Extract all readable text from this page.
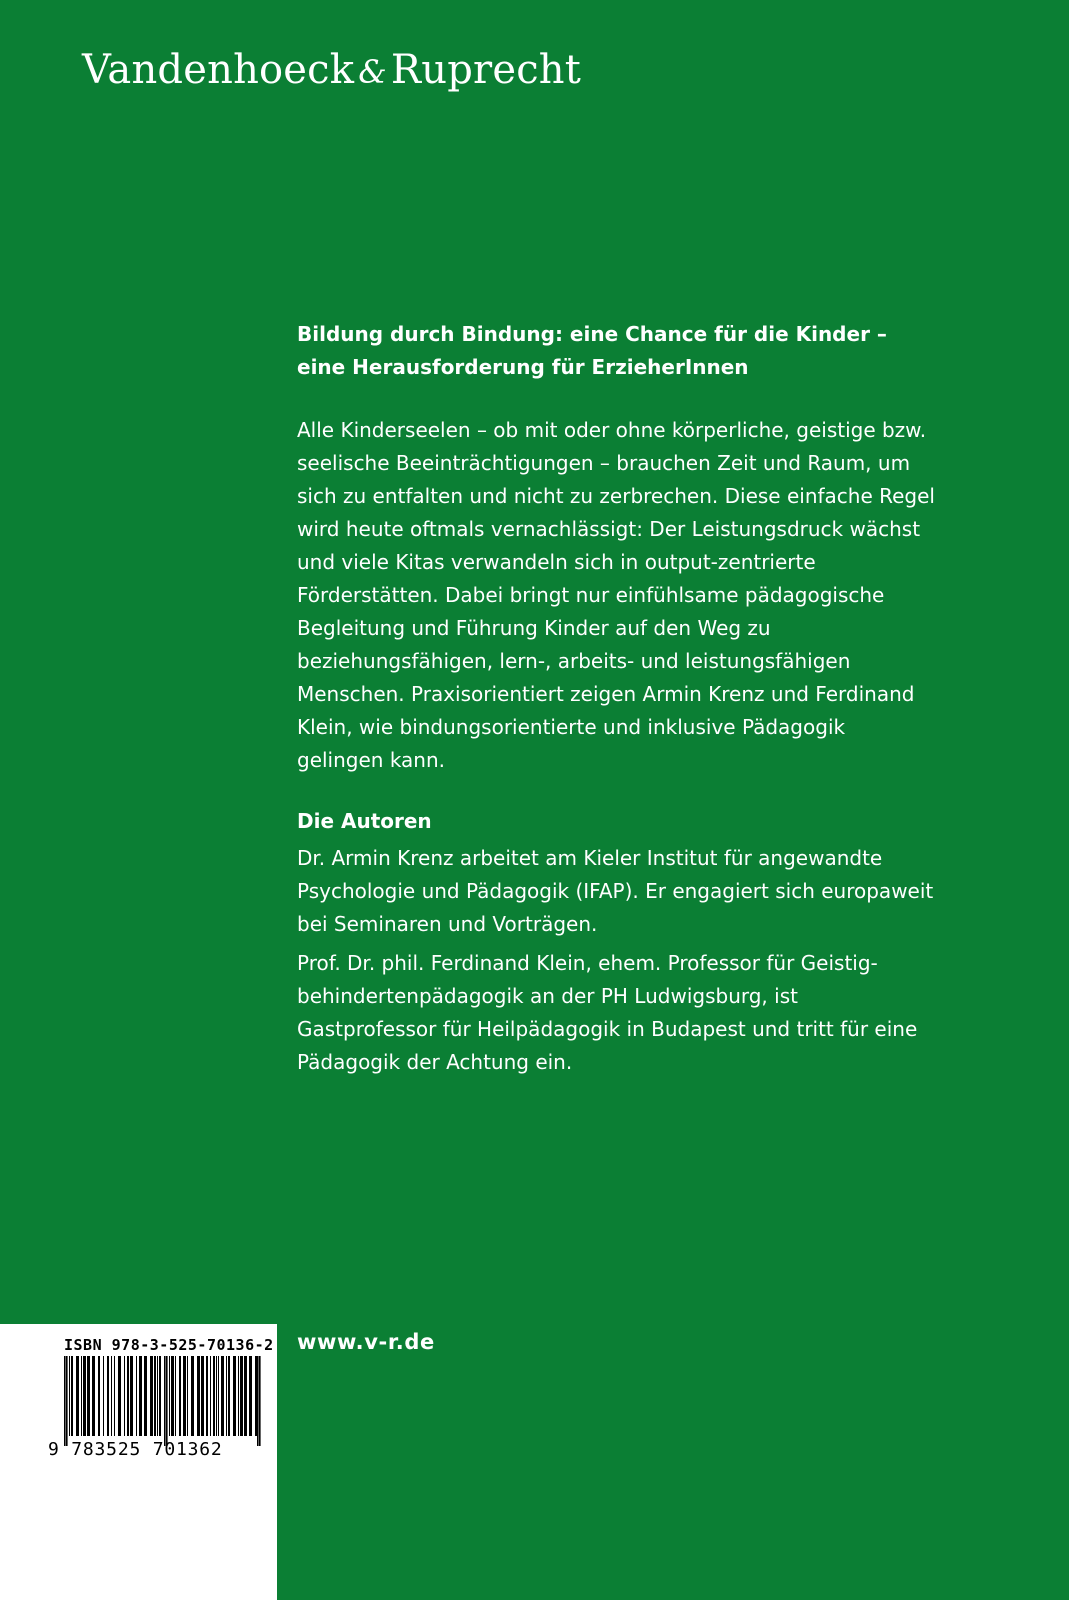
Vandenhoeck & Ruprecht

Bildung durch Bindung: eine Chance für die Kinder –
eine Herausforderung für ErzieherInnen

Alle Kinderseelen – ob mit oder ohne körperliche, geistige bzw. seelische Beeinträchtigungen – brauchen Zeit und Raum, um sich zu entfalten und nicht zu zerbrechen. Diese einfache Regel wird heute oftmals vernachlässigt: Der Leistungsdruck wächst und viele Kitas verwandeln sich in output-zentrierte Förderstätten. Dabei bringt nur einfühlsame pädagogische Begleitung und Führung Kinder auf den Weg zu beziehungsfähigen, lern-, arbeits- und leistungsfähigen Menschen. Praxisorientiert zeigen Armin Krenz und Ferdinand Klein, wie bindungsorientierte und inklusive Pädagogik gelingen kann.

Die Autoren

Dr. Armin Krenz arbeitet am Kieler Institut für angewandte Psychologie und Pädagogik (IFAP). Er engagiert sich europaweit bei Seminaren und Vorträgen.

Prof. Dr. phil. Ferdinand Klein, ehem. Professor für Geistigbehindertenpädagogik an der PH Ludwigsburg, ist Gastprofessor für Heilpädagogik in Budapest und tritt für eine Pädagogik der Achtung ein.

ISBN 978-3-525-70136-2
9 783525 701362
www.v-r.de
